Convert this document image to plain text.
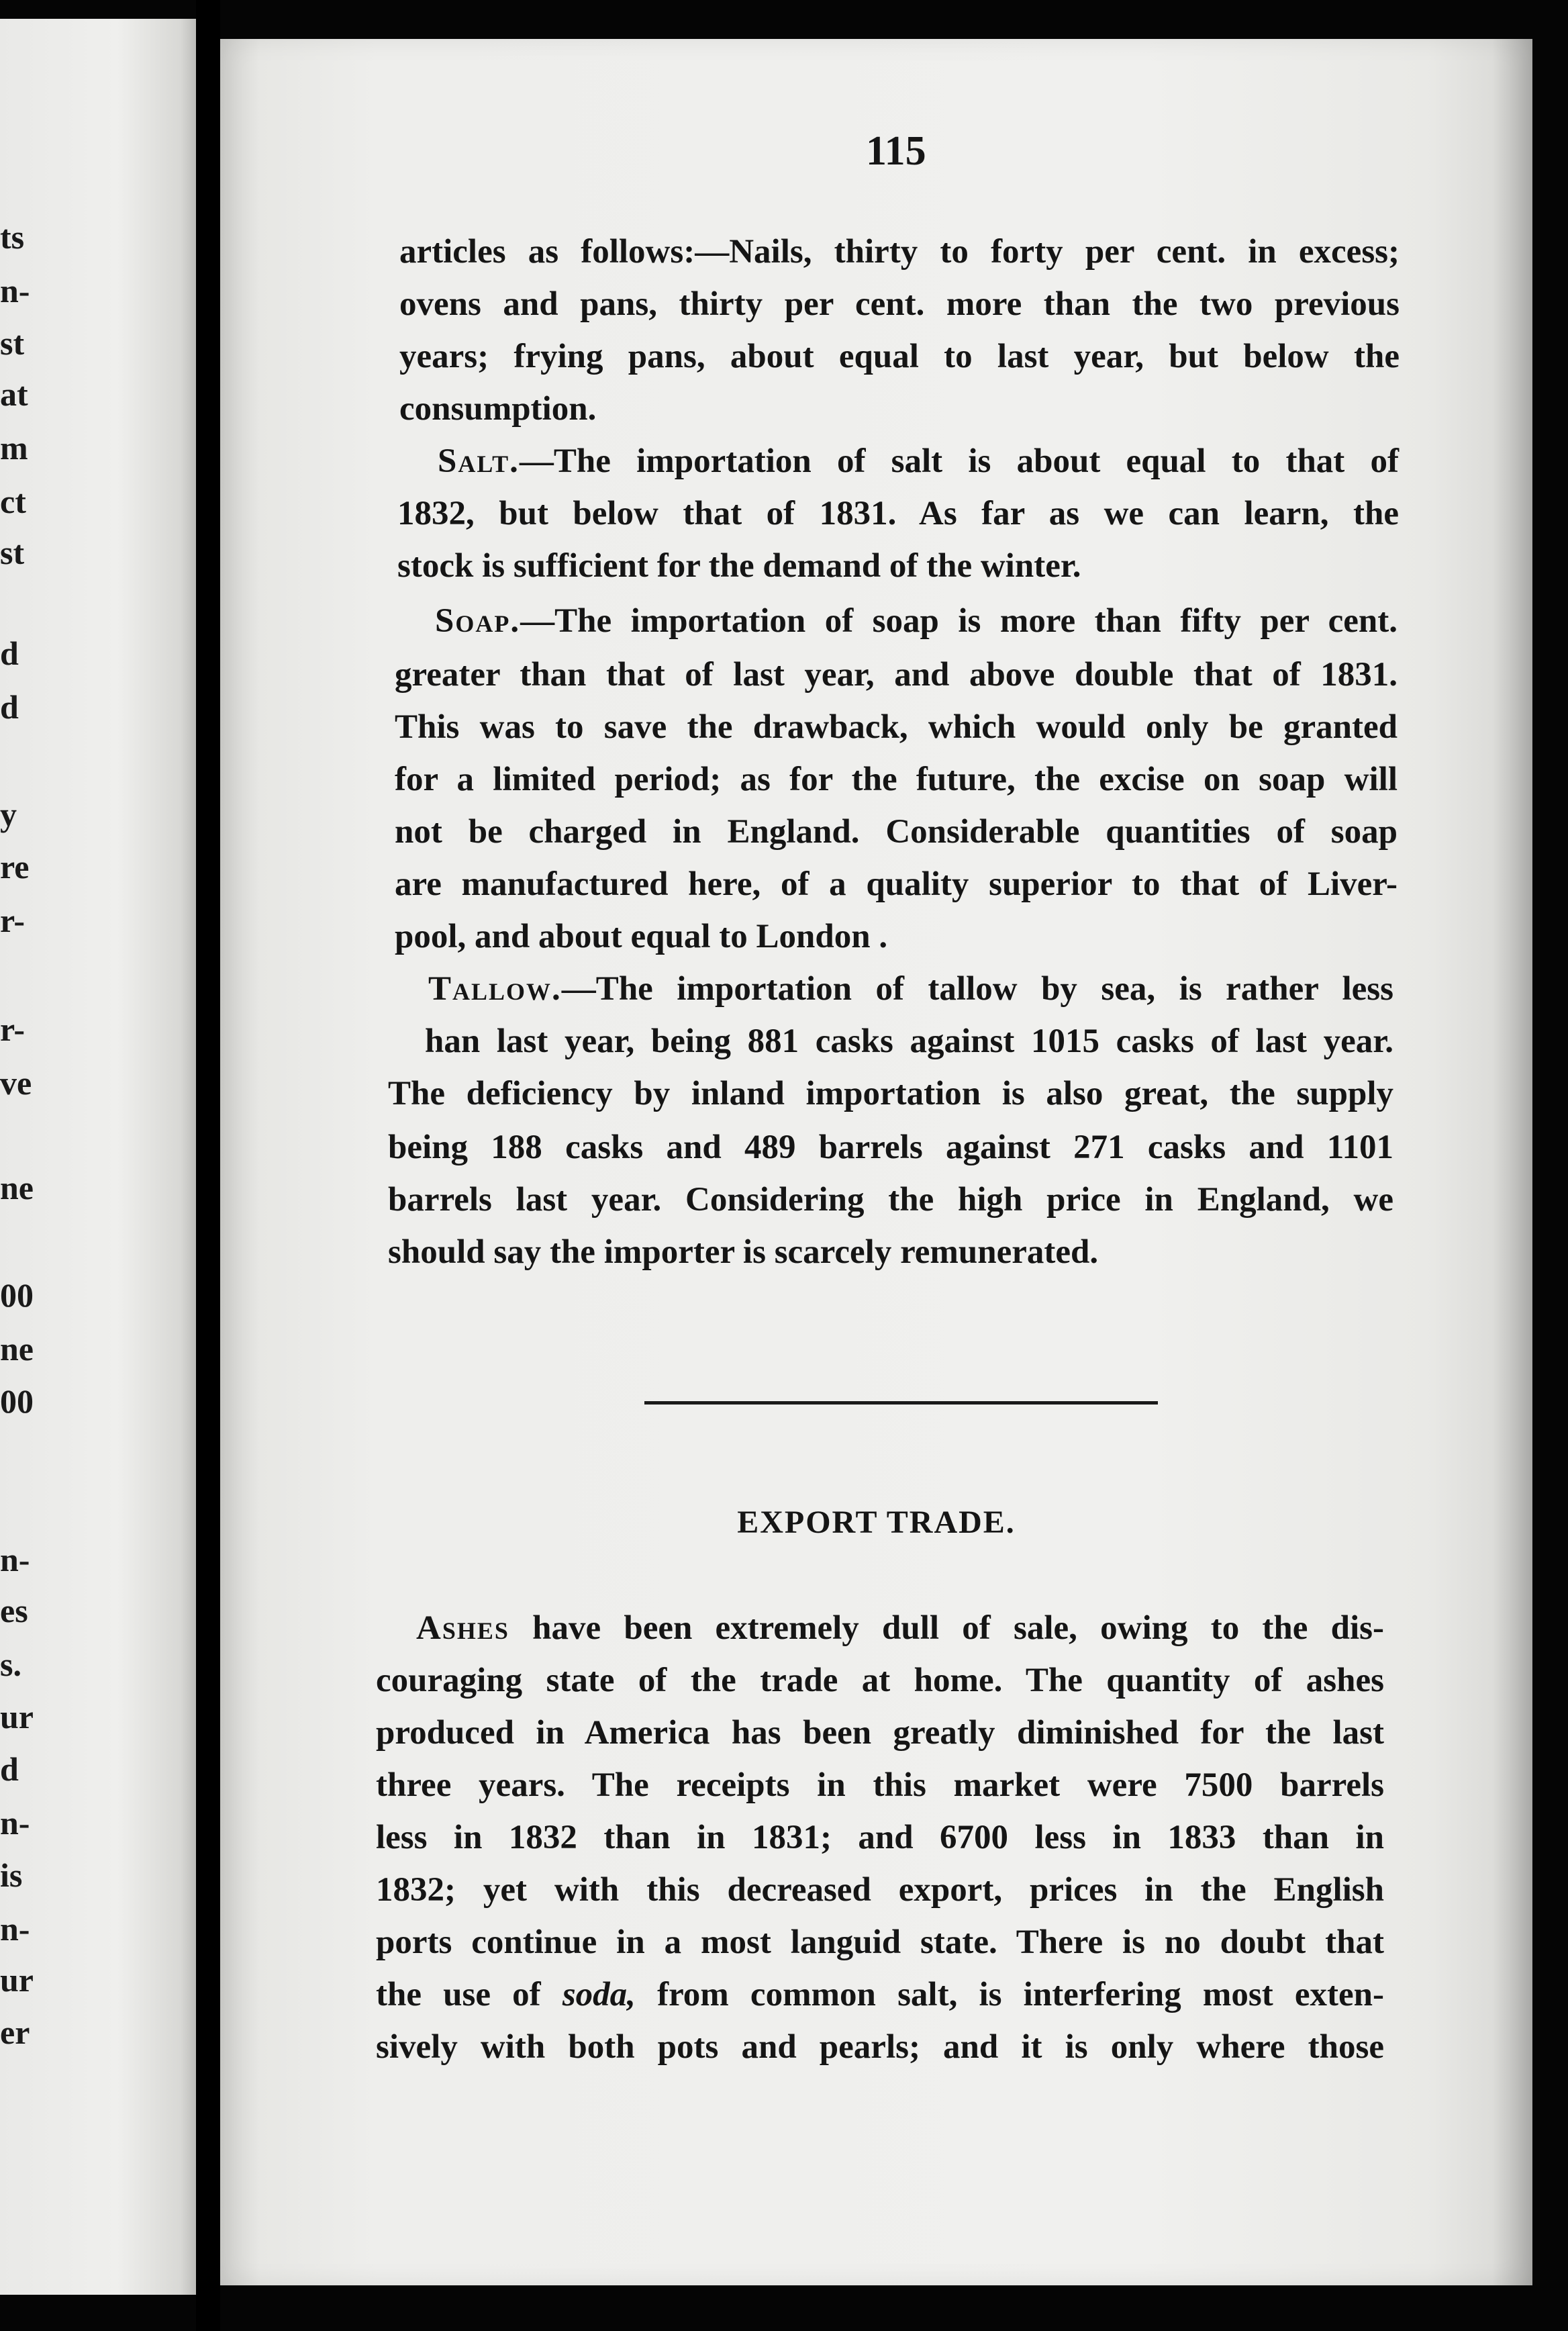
ts
n-
st
at
m
ct
st
d
d
y
re
r-
r-
ve
ne
00
ne
00
n-
es
s.
ur
d
n-
is
n-
ur
er
115
articles as follows:—Nails, thirty to forty per cent. in excess;
ovens and pans, thirty per cent. more than the two previous
years; frying pans, about equal to last year, but below the
consumption.
Salt.—The importation of salt is about equal to that of
1832, but below that of 1831. As far as we can learn, the
stock is sufficient for the demand of the winter.
Soap.—The importation of soap is more than fifty per cent.
greater than that of last year, and above double that of 1831.
This was to save the drawback, which would only be granted
for a limited period; as for the future, the excise on soap will
not be charged in England. Considerable quantities of soap
are manufactured here, of a quality superior to that of Liver-
pool, and about equal to London .
Tallow.—The importation of tallow by sea, is rather less
han last year, being 881 casks against 1015 casks of last year.
The deficiency by inland importation is also great, the supply
being 188 casks and 489 barrels against 271 casks and 1101
barrels last year. Considering the high price in England, we
should say the importer is scarcely remunerated.
EXPORT TRADE.
Ashes have been extremely dull of sale, owing to the dis-
couraging state of the trade at home. The quantity of ashes
produced in America has been greatly diminished for the last
three years. The receipts in this market were 7500 barrels
less in 1832 than in 1831; and 6700 less in 1833 than in
1832; yet with this decreased export, prices in the English
ports continue in a most languid state. There is no doubt that
the use of soda, from common salt, is interfering most exten-
sively with both pots and pearls; and it is only where those
